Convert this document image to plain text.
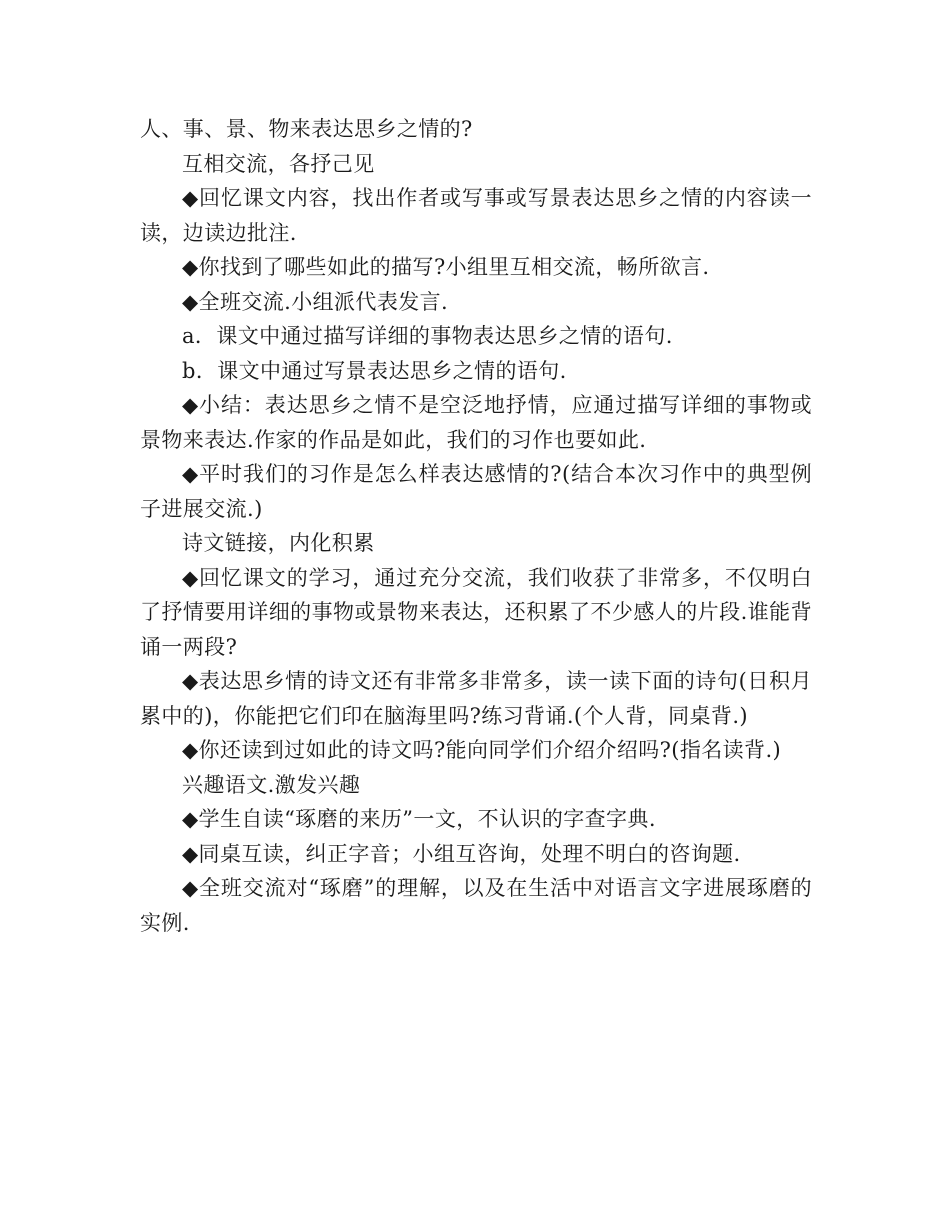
人、事、景、物来表达思乡之情的?

互相交流，各抒己见

◆回忆课文内容，找出作者或写事或写景表达思乡之情的内容读一读，边读边批注.

◆你找到了哪些如此的描写?小组里互相交流，畅所欲言.

◆全班交流.小组派代表发言.

a．课文中通过描写详细的事物表达思乡之情的语句.

b．课文中通过写景表达思乡之情的语句.

◆小结：表达思乡之情不是空泛地抒情，应通过描写详细的事物或景物来表达.作家的作品是如此，我们的习作也要如此.

◆平时我们的习作是怎么样表达感情的?(结合本次习作中的典型例子进展交流.)

诗文链接，内化积累

◆回忆课文的学习，通过充分交流，我们收获了非常多，不仅明白了抒情要用详细的事物或景物来表达，还积累了不少感人的片段.谁能背诵一两段?

◆表达思乡情的诗文还有非常多非常多，读一读下面的诗句(日积月累中的)，你能把它们印在脑海里吗?练习背诵.(个人背，同桌背.)

◆你还读到过如此的诗文吗?能向同学们介绍介绍吗?(指名读背.)

兴趣语文.激发兴趣

◆学生自读“琢磨的来历”一文，不认识的字查字典.

◆同桌互读，纠正字音；小组互咨询，处理不明白的咨询题.

◆全班交流对“琢磨”的理解，以及在生活中对语言文字进展琢磨的实例.
